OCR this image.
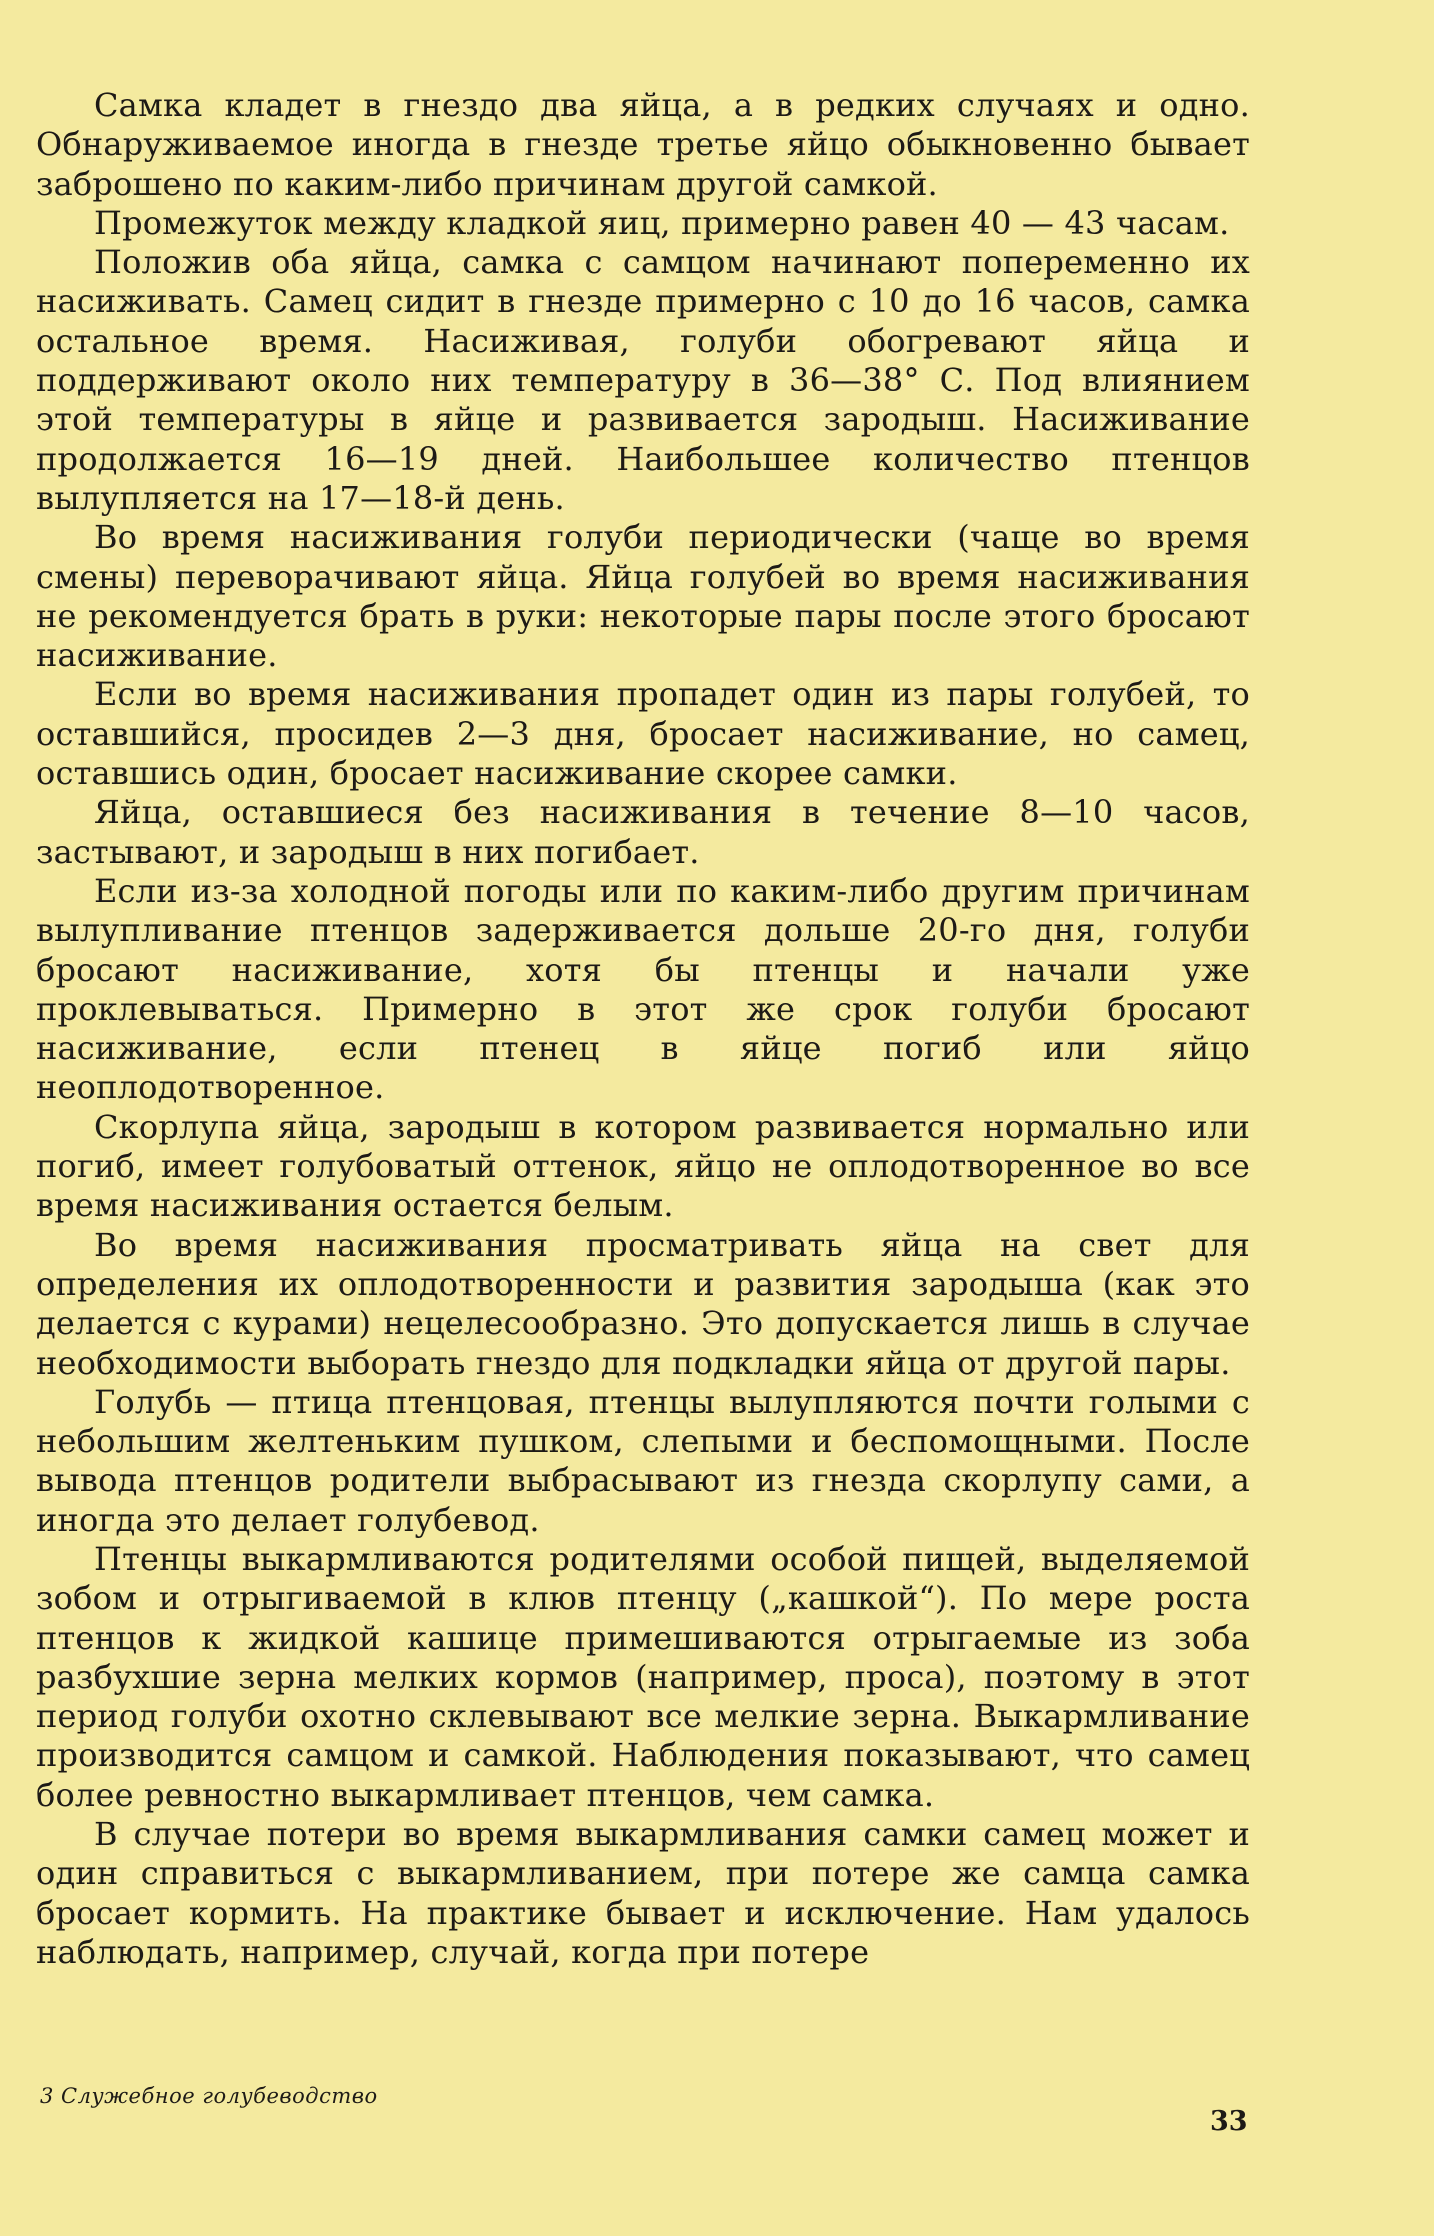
Самка кладет в гнездо два яйца, а в редких случаях и одно. Обнаруживаемое иногда в гнезде третье яйцо обыкновенно бывает заброшено по каким-либо причинам другой самкой.

Промежуток между кладкой яиц, примерно равен 40 — 43 часам.

Положив оба яйца, самка с самцом начинают попеременно их насиживать. Самец сидит в гнезде примерно с 10 до 16 часов, самка остальное время. Насиживая, голуби обогревают яйца и поддерживают около них температуру в 36—38° С. Под влиянием этой температуры в яйце и развивается зародыш. Насиживание продолжается 16—19 дней. Наибольшее количество птенцов вылупляется на 17—18-й день.

Во время насиживания голуби периодически (чаще во время смены) переворачивают яйца. Яйца голубей во время насиживания не рекомендуется брать в руки: некоторые пары после этого бросают насиживание.

Если во время насиживания пропадет один из пары голубей, то оставшийся, просидев 2—3 дня, бросает насиживание, но самец, оставшись один, бросает насиживание скорее самки.

Яйца, оставшиеся без насиживания в течение 8—10 часов, застывают, и зародыш в них погибает.

Если из-за холодной погоды или по каким-либо другим причинам вылупливание птенцов задерживается дольше 20-го дня, голуби бросают насиживание, хотя бы птенцы и начали уже проклевываться. Примерно в этот же срок голуби бросают насиживание, если птенец в яйце погиб или яйцо неоплодотворенное.

Скорлупа яйца, зародыш в котором развивается нормально или погиб, имеет голубоватый оттенок, яйцо не оплодотворенное во все время насиживания остается белым.

Во время насиживания просматривать яйца на свет для определения их оплодотворенности и развития зародыша (как это делается с курами) нецелесообразно. Это допускается лишь в случае необходимости выборать гнездо для подкладки яйца от другой пары.

Голубь — птица птенцовая, птенцы вылупляются почти голыми с небольшим желтеньким пушком, слепыми и беспомощными. После вывода птенцов родители выбрасывают из гнезда скорлупу сами, а иногда это делает голубевод.

Птенцы выкармливаются родителями особой пищей, выделяемой зобом и отрыгиваемой в клюв птенцу („кашкой“). По мере роста птенцов к жидкой кашице примешиваются отрыгаемые из зоба разбухшие зерна мелких кормов (например, проса), поэтому в этот период голуби охотно склевывают все мелкие зерна. Выкармливание производится самцом и самкой. Наблюдения показывают, что самец более ревностно выкармливает птенцов, чем самка.

В случае потери во время выкармливания самки самец может и один справиться с выкармливанием, при потере же самца самка бросает кормить. На практике бывает и исключение. Нам удалось наблюдать, например, случай, когда при потере

3 Служебное голубеводство
33
